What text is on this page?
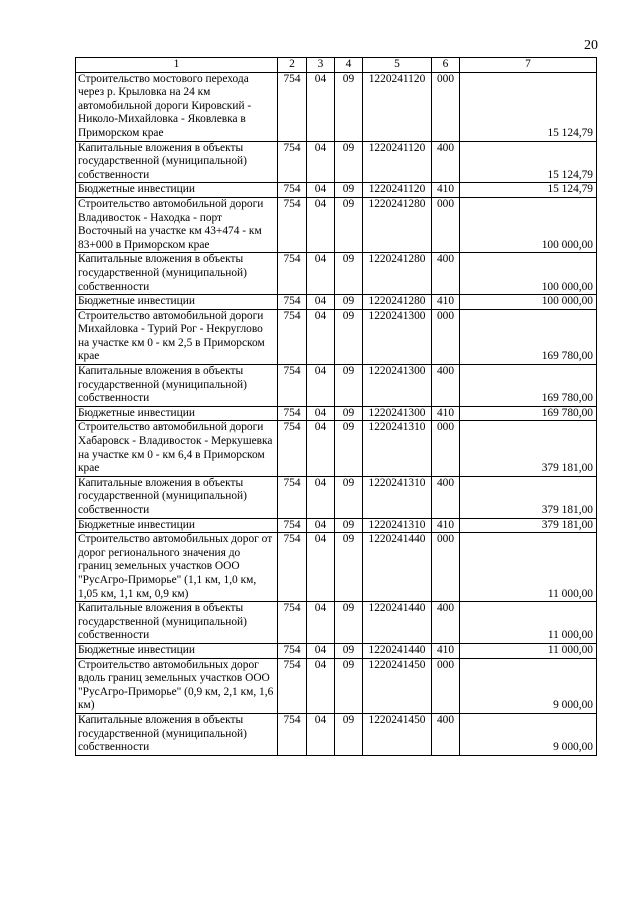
20
1	2	3	4	5	6	7
Строительство мостового перехода через р. Крыловка на 24 км автомобильной дороги Кировский - Николо-Михайловка - Яковлевка в Приморском крае	754	04	09	1220241120	000	15 124,79
Капитальные вложения в объекты государственной (муниципальной) собственности	754	04	09	1220241120	400	15 124,79
Бюджетные инвестиции	754	04	09	1220241120	410	15 124,79
Строительство автомобильной дороги Владивосток - Находка - порт Восточный на участке км 43+474 - км 83+000 в Приморском крае	754	04	09	1220241280	000	100 000,00
Капитальные вложения в объекты государственной (муниципальной) собственности	754	04	09	1220241280	400	100 000,00
Бюджетные инвестиции	754	04	09	1220241280	410	100 000,00
Строительство автомобильной дороги Михайловка - Турий Рог - Некруглово на участке км 0 - км 2,5 в Приморском крае	754	04	09	1220241300	000	169 780,00
Капитальные вложения в объекты государственной (муниципальной) собственности	754	04	09	1220241300	400	169 780,00
Бюджетные инвестиции	754	04	09	1220241300	410	169 780,00
Строительство автомобильной дороги Хабаровск - Владивосток - Меркушевка на участке км 0 - км 6,4 в Приморском крае	754	04	09	1220241310	000	379 181,00
Капитальные вложения в объекты государственной (муниципальной) собственности	754	04	09	1220241310	400	379 181,00
Бюджетные инвестиции	754	04	09	1220241310	410	379 181,00
Строительство автомобильных дорог от дорог регионального значения до границ земельных участков ООО "РусАгро-Приморье" (1,1 км, 1,0 км, 1,05 км, 1,1 км, 0,9 км)	754	04	09	1220241440	000	11 000,00
Капитальные вложения в объекты государственной (муниципальной) собственности	754	04	09	1220241440	400	11 000,00
Бюджетные инвестиции	754	04	09	1220241440	410	11 000,00
Строительство автомобильных дорог вдоль границ земельных участков ООО "РусАгро-Приморье" (0,9 км, 2,1 км, 1,6 км)	754	04	09	1220241450	000	9 000,00
Капитальные вложения в объекты государственной (муниципальной) собственности	754	04	09	1220241450	400	9 000,00
